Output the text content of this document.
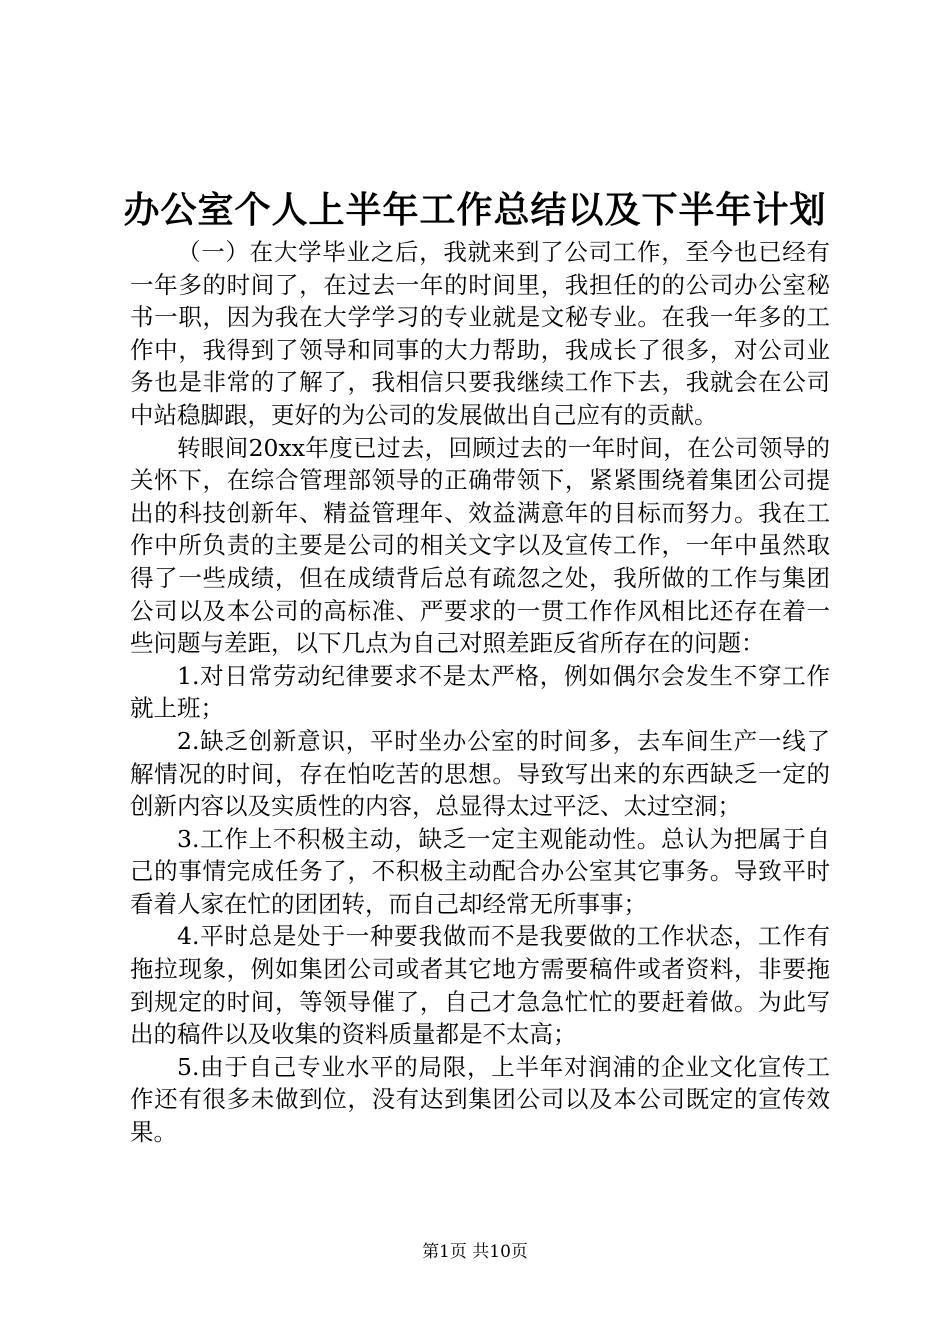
办公室个人上半年工作总结以及下半年计划

（一）在大学毕业之后，我就来到了公司工作，至今也已经有一年多的时间了，在过去一年的时间里，我担任的的公司办公室秘书一职，因为我在大学学习的专业就是文秘专业。在我一年多的工作中，我得到了领导和同事的大力帮助，我成长了很多，对公司业务也是非常的了解了，我相信只要我继续工作下去，我就会在公司中站稳脚跟，更好的为公司的发展做出自己应有的贡献。

转眼间20xx年度已过去，回顾过去的一年时间，在公司领导的关怀下，在综合管理部领导的正确带领下，紧紧围绕着集团公司提出的科技创新年、精益管理年、效益满意年的目标而努力。我在工作中所负责的主要是公司的相关文字以及宣传工作，一年中虽然取得了一些成绩，但在成绩背后总有疏忽之处，我所做的工作与集团公司以及本公司的高标准、严要求的一贯工作作风相比还存在着一些问题与差距，以下几点为自己对照差距反省所存在的问题：

1.对日常劳动纪律要求不是太严格，例如偶尔会发生不穿工作就上班；

2.缺乏创新意识，平时坐办公室的时间多，去车间生产一线了解情况的时间，存在怕吃苦的思想。导致写出来的东西缺乏一定的创新内容以及实质性的内容，总显得太过平泛、太过空洞；

3.工作上不积极主动，缺乏一定主观能动性。总认为把属于自己的事情完成任务了，不积极主动配合办公室其它事务。导致平时看着人家在忙的团团转，而自己却经常无所事事；

4.平时总是处于一种要我做而不是我要做的工作状态，工作有拖拉现象，例如集团公司或者其它地方需要稿件或者资料，非要拖到规定的时间，等领导催了，自己才急急忙忙的要赶着做。为此写出的稿件以及收集的资料质量都是不太高；

5.由于自己专业水平的局限，上半年对润浦的企业文化宣传工作还有很多未做到位，没有达到集团公司以及本公司既定的宣传效果。

第1页 共10页
